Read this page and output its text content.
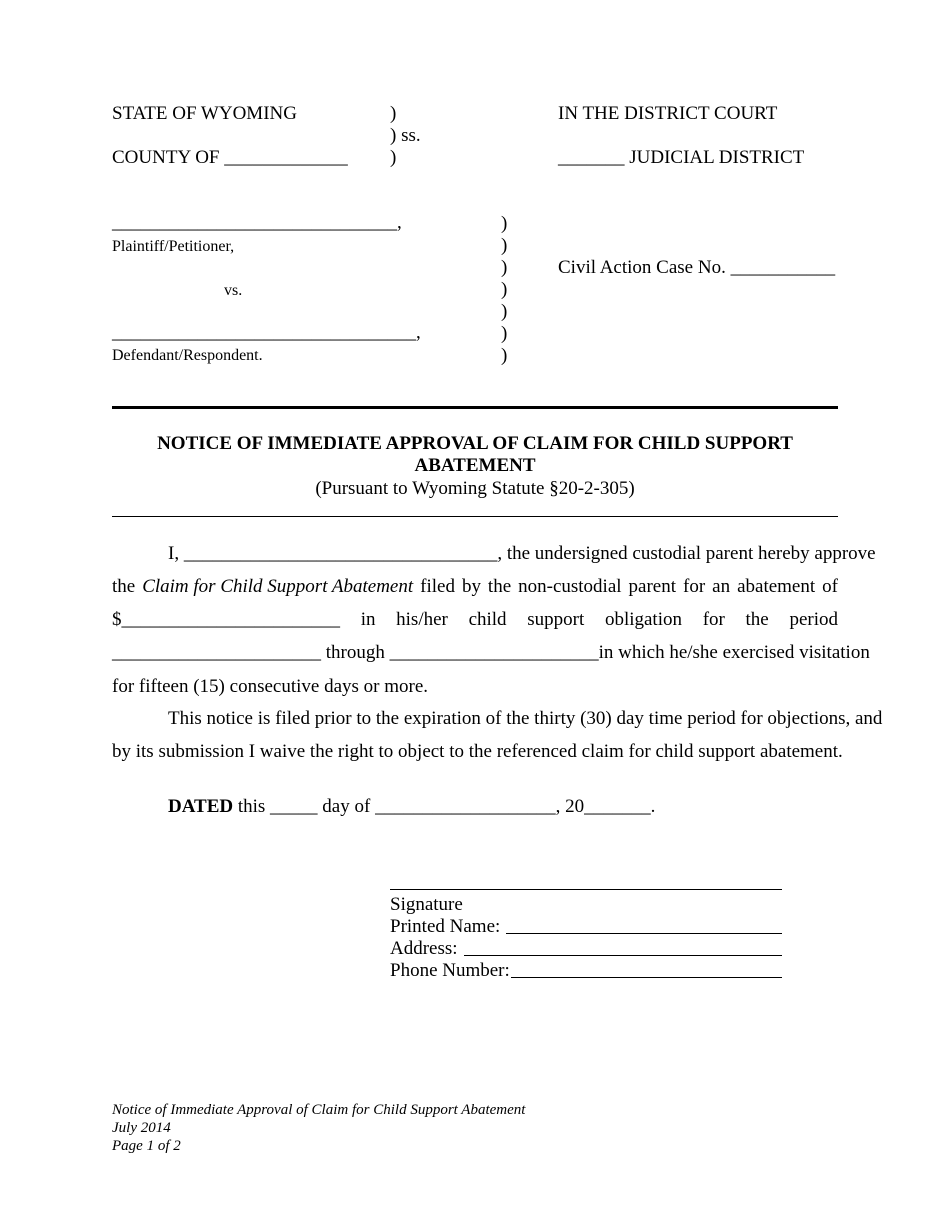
STATE OF WYOMING
COUNTY OF _____________
)
) ss.
)
IN THE DISTRICT COURT
_______ JUDICIAL DISTRICT
______________________________,
Plaintiff/Petitioner,
vs.
________________________________,
Defendant/Respondent.
)
)
)
)
)
)
)
Civil Action Case No. ___________
NOTICE OF IMMEDIATE APPROVAL OF CLAIM FOR CHILD SUPPORT
ABATEMENT
(Pursuant to Wyoming Statute §20-2-305)
I, _________________________________ , the undersigned custodial parent hereby approve
the Claim for Child Support Abatement filed by the non-custodial parent for an abatement of
$_______________________ in his/her child support obligation for the period
______________________ through ______________________ in which he/she exercised visitation
for fifteen (15) consecutive days or more.
This notice is filed prior to the expiration of the thirty (30) day time period for objections, and
by its submission I waive the right to object to the referenced claim for child support abatement.
DATED this _____ day of ___________________, 20_______.
Signature
Printed Name:
Address:
Phone Number:
Notice of Immediate Approval of Claim for Child Support Abatement
July 2014
Page 1 of 2
